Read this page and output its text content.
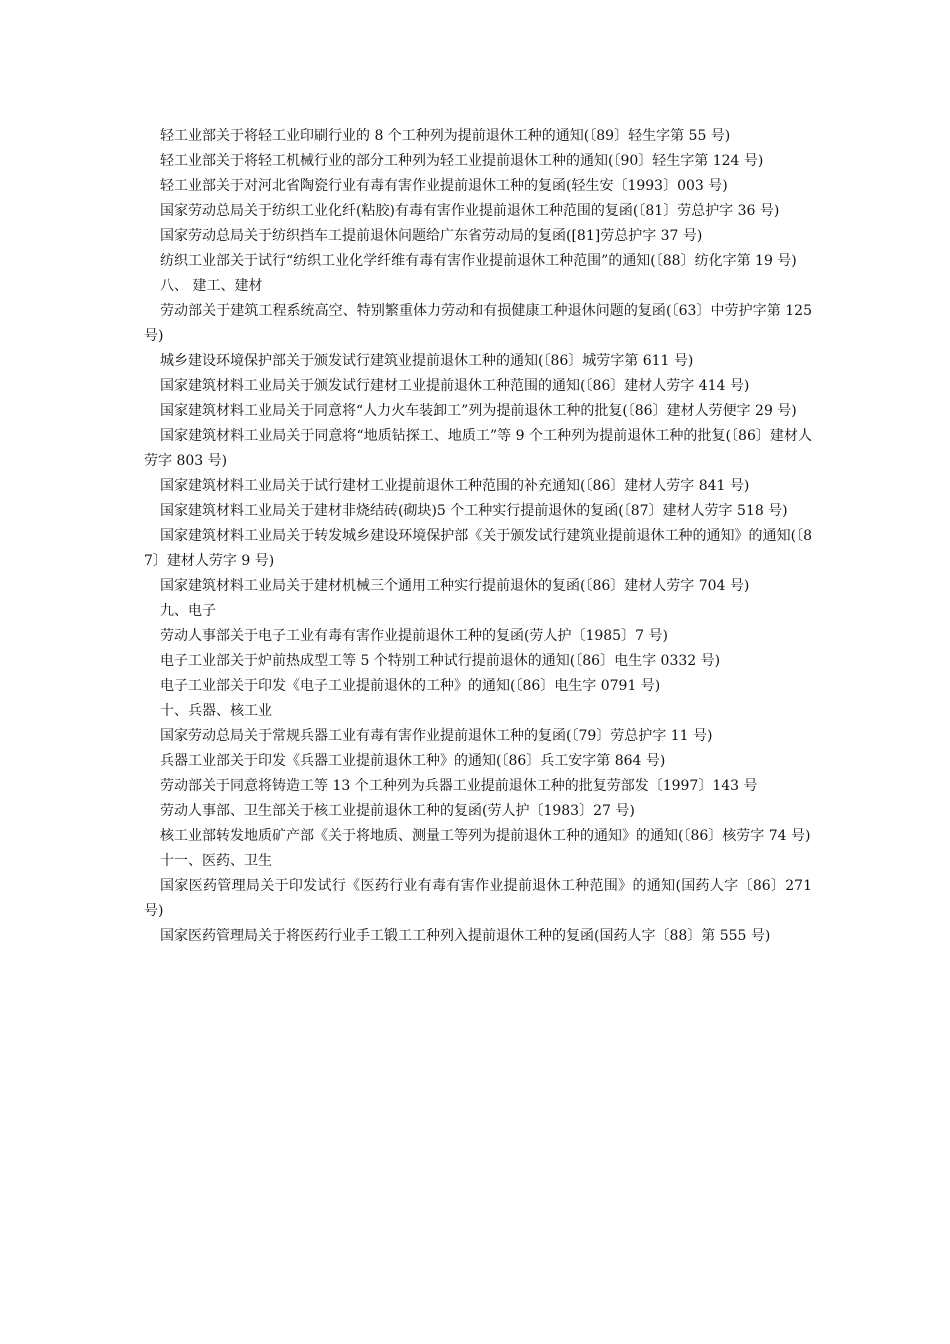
轻工业部关于将轻工业印刷行业的 8 个工种列为提前退休工种的通知(〔89〕轻生字第 55 号)

轻工业部关于将轻工机械行业的部分工种列为轻工业提前退休工种的通知(〔90〕轻生字第 124 号)

轻工业部关于对河北省陶瓷行业有毒有害作业提前退休工种的复函(轻生安〔1993〕003 号)

国家劳动总局关于纺织工业化纤(粘胶)有毒有害作业提前退休工种范围的复函(〔81〕劳总护字 36 号)

国家劳动总局关于纺织挡车工提前退休问题给广东省劳动局的复函([81]劳总护字 37 号)

纺织工业部关于试行“纺织工业化学纤维有毒有害作业提前退休工种范围”的通知(〔88〕纺化字第 19 号)

八、 建工、建材

劳动部关于建筑工程系统高空、特别繁重体力劳动和有损健康工种退休问题的复函(〔63〕中劳护字第 125 号)

城乡建设环境保护部关于颁发试行建筑业提前退休工种的通知(〔86〕城劳字第 611 号)

国家建筑材料工业局关于颁发试行建材工业提前退休工种范围的通知(〔86〕建材人劳字 414 号)

国家建筑材料工业局关于同意将“人力火车装卸工”列为提前退休工种的批复(〔86〕建材人劳便字 29 号)

国家建筑材料工业局关于同意将“地质钻探工、地质工”等 9 个工种列为提前退休工种的批复(〔86〕建材人劳字 803 号)

国家建筑材料工业局关于试行建材工业提前退休工种范围的补充通知(〔86〕建材人劳字 841 号)

国家建筑材料工业局关于建材非烧结砖(砌块)5 个工种实行提前退休的复函(〔87〕建材人劳字 518 号)

国家建筑材料工业局关于转发城乡建设环境保护部《关于颁发试行建筑业提前退休工种的通知》的通知(〔87〕建材人劳字 9 号)

国家建筑材料工业局关于建材机械三个通用工种实行提前退休的复函(〔86〕建材人劳字 704 号)

九、电子

劳动人事部关于电子工业有毒有害作业提前退休工种的复函(劳人护〔1985〕7 号)

电子工业部关于炉前热成型工等 5 个特别工种试行提前退休的通知(〔86〕电生字 0332 号)

电子工业部关于印发《电子工业提前退休的工种》的通知(〔86〕电生字 0791 号)

十、兵器、核工业

国家劳动总局关于常规兵器工业有毒有害作业提前退休工种的复函(〔79〕劳总护字 11 号)

兵器工业部关于印发《兵器工业提前退休工种》的通知(〔86〕兵工安字第 864 号)

劳动部关于同意将铸造工等 13 个工种列为兵器工业提前退休工种的批复劳部发〔1997〕143 号

劳动人事部、卫生部关于核工业提前退休工种的复函(劳人护〔1983〕27 号)

核工业部转发地质矿产部《关于将地质、测量工等列为提前退休工种的通知》的通知(〔86〕核劳字 74 号)

十一、医药、卫生

国家医药管理局关于印发试行《医药行业有毒有害作业提前退休工种范围》的通知(国药人字〔86〕271 号)

国家医药管理局关于将医药行业手工锻工工种列入提前退休工种的复函(国药人字〔88〕第 555 号)
